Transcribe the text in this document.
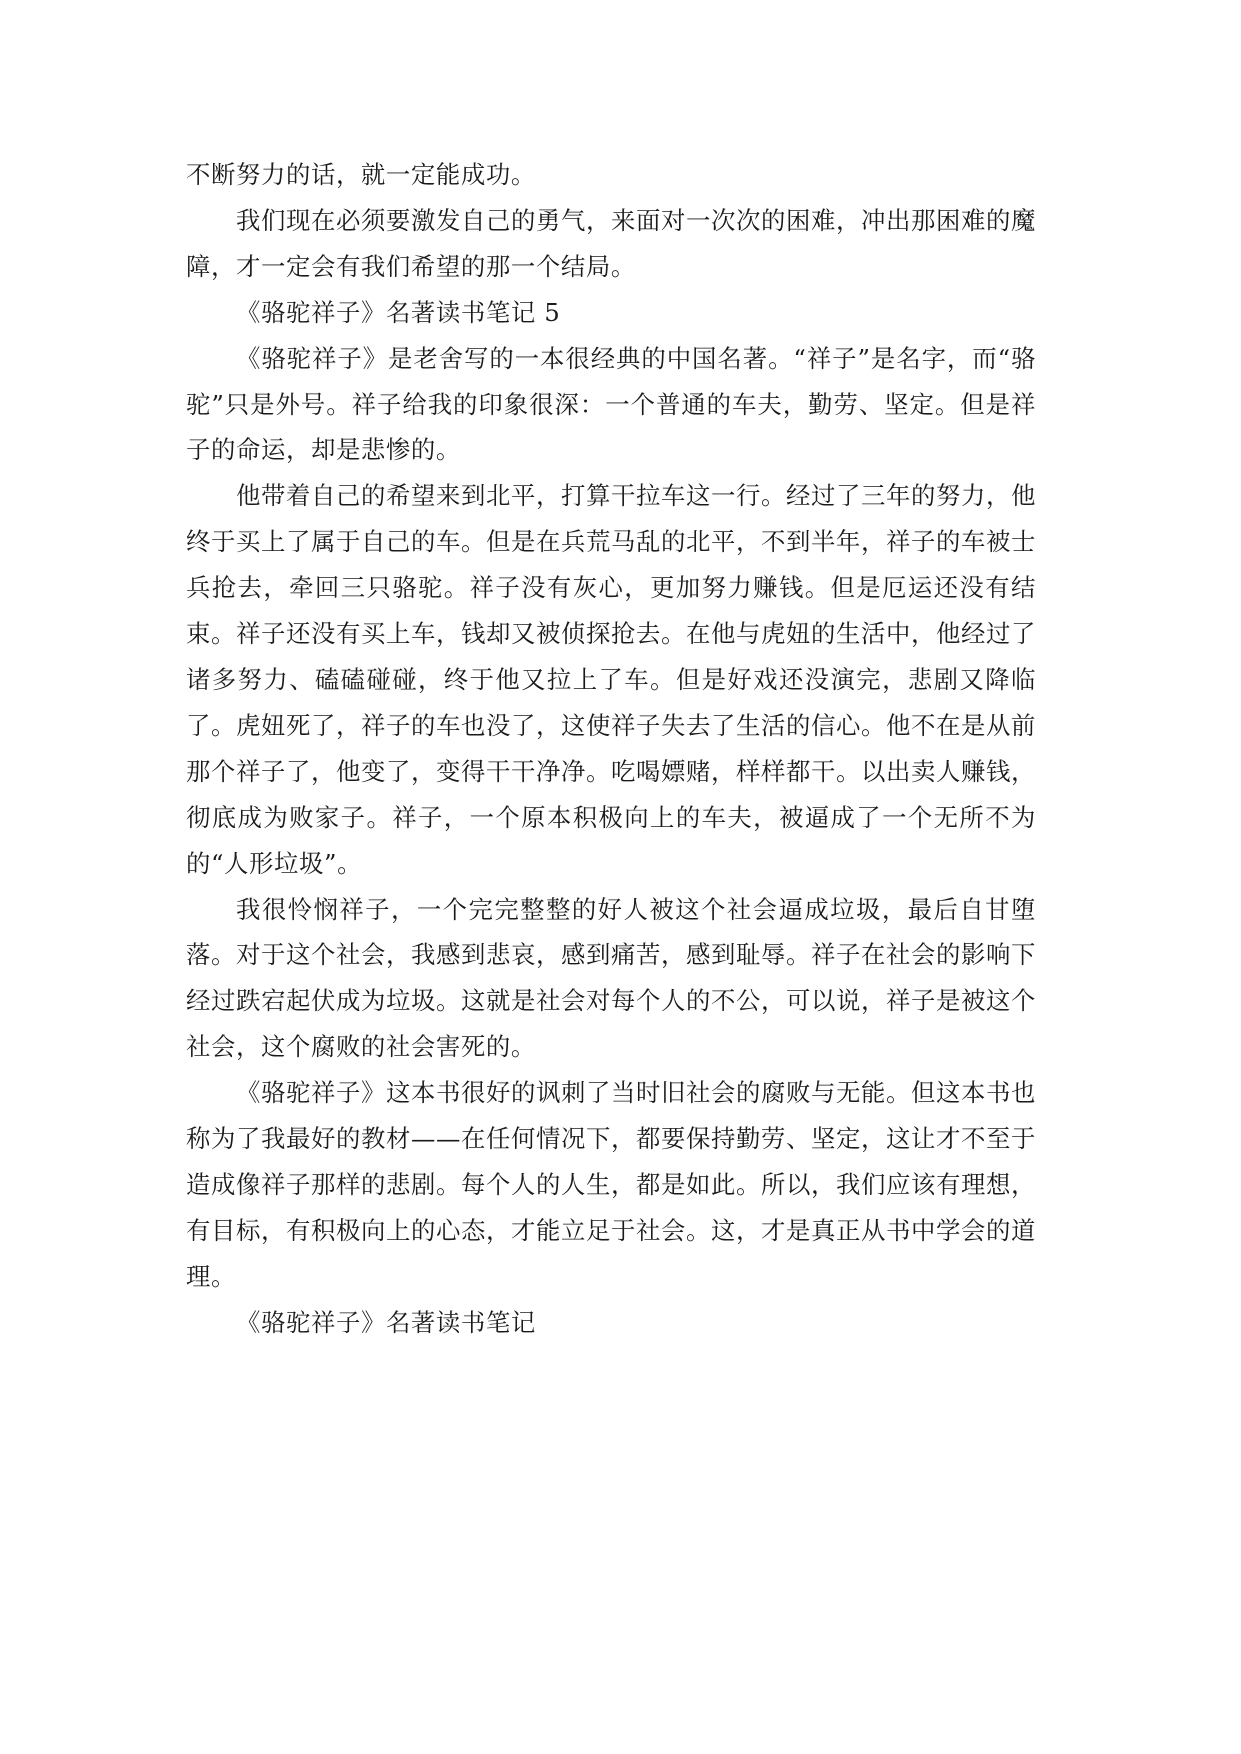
不断努力的话，就一定能成功。

我们现在必须要激发自己的勇气，来面对一次次的困难，冲出那困难的魔障，才一定会有我们希望的那一个结局。

《骆驼祥子》名著读书笔记 5

《骆驼祥子》是老舍写的一本很经典的中国名著。“祥子”是名字，而“骆驼”只是外号。祥子给我的印象很深：一个普通的车夫，勤劳、坚定。但是祥子的命运，却是悲惨的。

他带着自己的希望来到北平，打算干拉车这一行。经过了三年的努力，他终于买上了属于自己的车。但是在兵荒马乱的北平，不到半年，祥子的车被士兵抢去，牵回三只骆驼。祥子没有灰心，更加努力赚钱。但是厄运还没有结束。祥子还没有买上车，钱却又被侦探抢去。在他与虎妞的生活中，他经过了诸多努力、磕磕碰碰，终于他又拉上了车。但是好戏还没演完，悲剧又降临了。虎妞死了，祥子的车也没了，这使祥子失去了生活的信心。他不在是从前那个祥子了，他变了，变得干干净净。吃喝嫖赌，样样都干。以出卖人赚钱，彻底成为败家子。祥子，一个原本积极向上的车夫，被逼成了一个无所不为的“人形垃圾”。

我很怜悯祥子，一个完完整整的好人被这个社会逼成垃圾，最后自甘堕落。对于这个社会，我感到悲哀，感到痛苦，感到耻辱。祥子在社会的影响下经过跌宕起伏成为垃圾。这就是社会对每个人的不公，可以说，祥子是被这个社会，这个腐败的社会害死的。

《骆驼祥子》这本书很好的讽刺了当时旧社会的腐败与无能。但这本书也称为了我最好的教材——在任何情况下，都要保持勤劳、坚定，这让才不至于造成像祥子那样的悲剧。每个人的人生，都是如此。所以，我们应该有理想，有目标，有积极向上的心态，才能立足于社会。这，才是真正从书中学会的道理。

《骆驼祥子》名著读书笔记
